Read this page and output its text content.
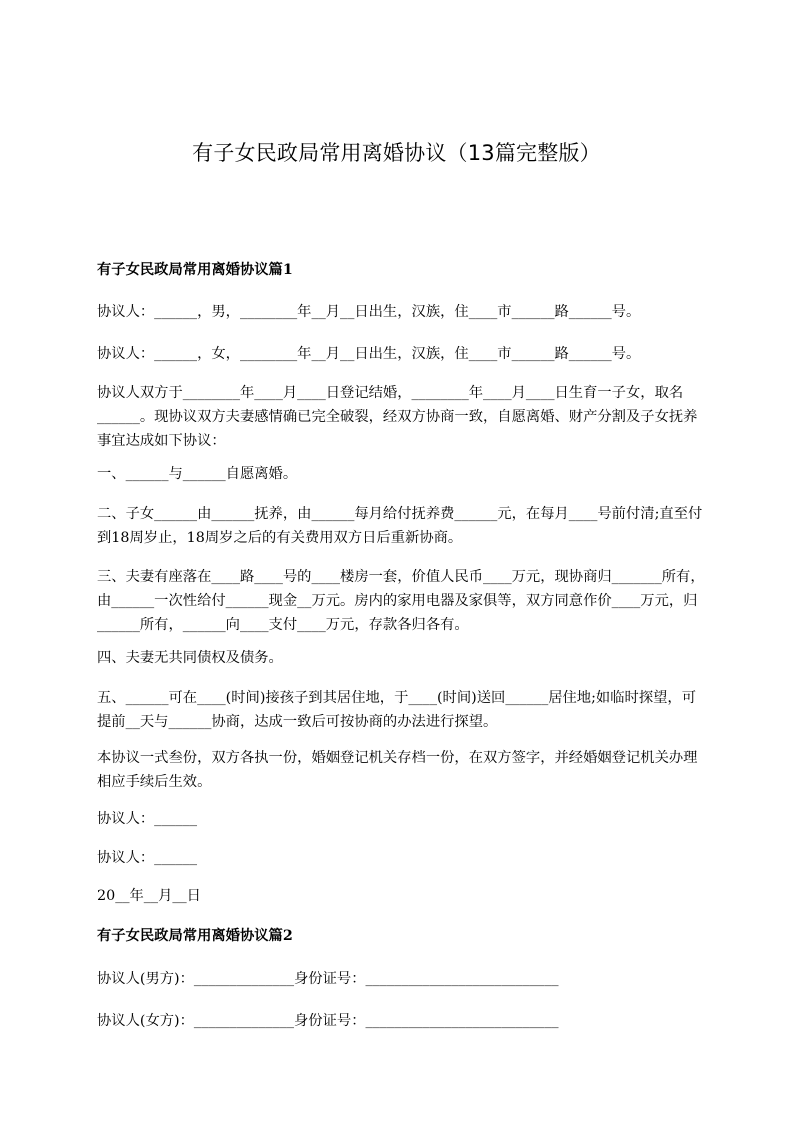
有子女民政局常用离婚协议（13篇完整版）
有子女民政局常用离婚协议篇1
协议人：______，男，________年__月__日出生，汉族，住____市______路______号。
协议人：______，女，________年__月__日出生，汉族，住____市______路______号。
协议人双方于________年____月____日登记结婚，________年____月____日生育一子女，取名______。现协议双方夫妻感情确已完全破裂，经双方协商一致，自愿离婚、财产分割及子女抚养事宜达成如下协议：
一、______与______自愿离婚。
二、子女______由______抚养，由______每月给付抚养费______元，在每月____号前付清;直至付到18周岁止，18周岁之后的有关费用双方日后重新协商。
三、夫妻有座落在____路____号的____楼房一套，价值人民币____万元，现协商归_______所有，由______一次性给付______现金__万元。房内的家用电器及家俱等，双方同意作价____万元，归______所有，______向____支付____万元，存款各归各有。
四、夫妻无共同债权及债务。
五、______可在____(时间)接孩子到其居住地，于____(时间)送回______居住地;如临时探望，可提前__天与______协商，达成一致后可按协商的办法进行探望。
本协议一式叁份，双方各执一份，婚姻登记机关存档一份，在双方签字，并经婚姻登记机关办理相应手续后生效。
协议人：______
协议人：______
20__年__月__日
有子女民政局常用离婚协议篇2
协议人(男方)：______________身份证号：___________________________
协议人(女方)：______________身份证号：___________________________
